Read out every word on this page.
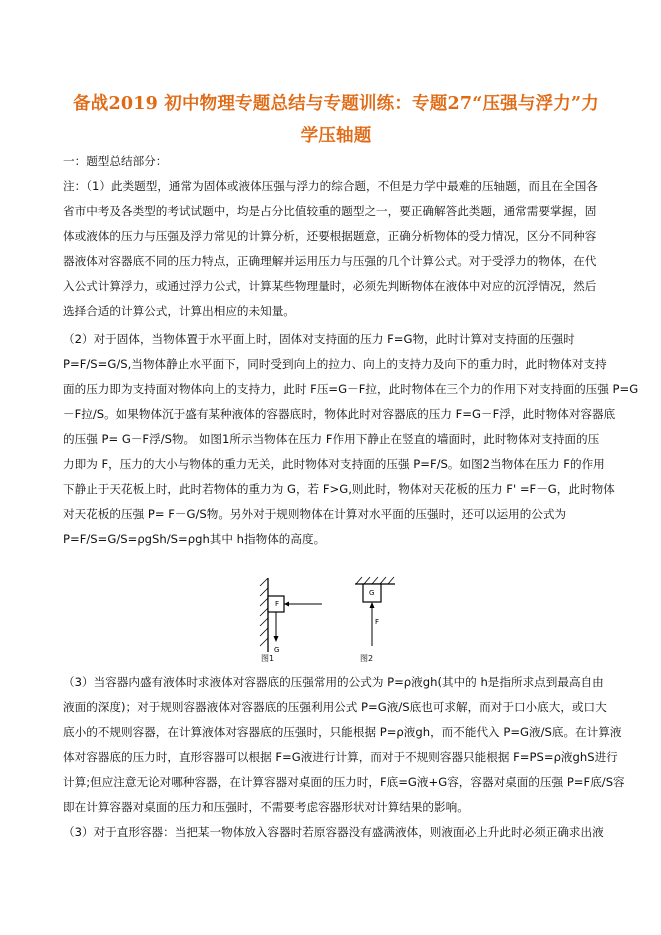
备战2019 初中物理专题总结与专题训练：专题27“压强与浮力”力
学压轴题
一：题型总结部分：
注：（1）此类题型，通常为固体或液体压强与浮力的综合题，不但是力学中最难的压轴题，而且在全国各
省市中考及各类型的考试试题中，均是占分比值较重的题型之一，要正确解答此类题，通常需要掌握，固
体或液体的压力与压强及浮力常见的计算分析，还要根据题意，正确分析物体的受力情况，区分不同种容
器液体对容器底不同的压力特点，正确理解并运用压力与压强的几个计算公式。对于受浮力的物体，在代
入公式计算浮力，或通过浮力公式，计算某些物理量时，必须先判断物体在液体中对应的沉浮情况，然后
选择合适的计算公式，计算出相应的未知量。
（2）对于固体，当物体置于水平面上时，固体对支持面的压力 F=G物，此时计算对支持面的压强时
P=F/S=G/S,当物体静止水平面下，同时受到向上的拉力、向上的支持力及向下的重力时，此时物体对支持
面的压力即为支持面对物体向上的支持力，此时 F压=G－F拉，此时物体在三个力的作用下对支持面的压强 P=G
－F拉/S。如果物体沉于盛有某种液体的容器底时，物体此时对容器底的压力 F=G－F浮，此时物体对容器底
的压强 P= G－F浮/S物。 如图1所示当物体在压力 F作用下静止在竖直的墙面时，此时物体对支持面的压
力即为 F，压力的大小与物体的重力无关，此时物体对支持面的压强 P=F/S。如图2当物体在压力 F的作用
下静止于天花板上时，此时若物体的重力为 G，若 F>G,则此时，物体对天花板的压力 F' =F－G，此时物体
对天花板的压强 P= F－G/S物。另外对于规则物体在计算对水平面的压强时，还可以运用的公式为
P=F/S=G/S=ρgSh/S=ρgh其中 h指物体的高度。
F
G
图1
G
F
图2
（3）当容器内盛有液体时求液体对容器底的压强常用的公式为 P=ρ液gh(其中的 h是指所求点到最高自由
液面的深度)；对于规则容器液体对容器底的压强利用公式 P=G液/S底也可求解，而对于口小底大，或口大
底小的不规则容器，在计算液体对容器底的压强时，只能根据 P=ρ液gh，而不能代入 P=G液/S底。在计算液
体对容器底的压力时，直形容器可以根据 F=G液进行计算，而对于不规则容器只能根据 F=PS=ρ液ghS进行
计算;但应注意无论对哪种容器，在计算容器对桌面的压力时，F底=G液+G容，容器对桌面的压强 P=F底/S容
即在计算容器对桌面的压力和压强时，不需要考虑容器形状对计算结果的影响。
（3）对于直形容器：当把某一物体放入容器时若原容器没有盛满液体，则液面必上升此时必须正确求出液
